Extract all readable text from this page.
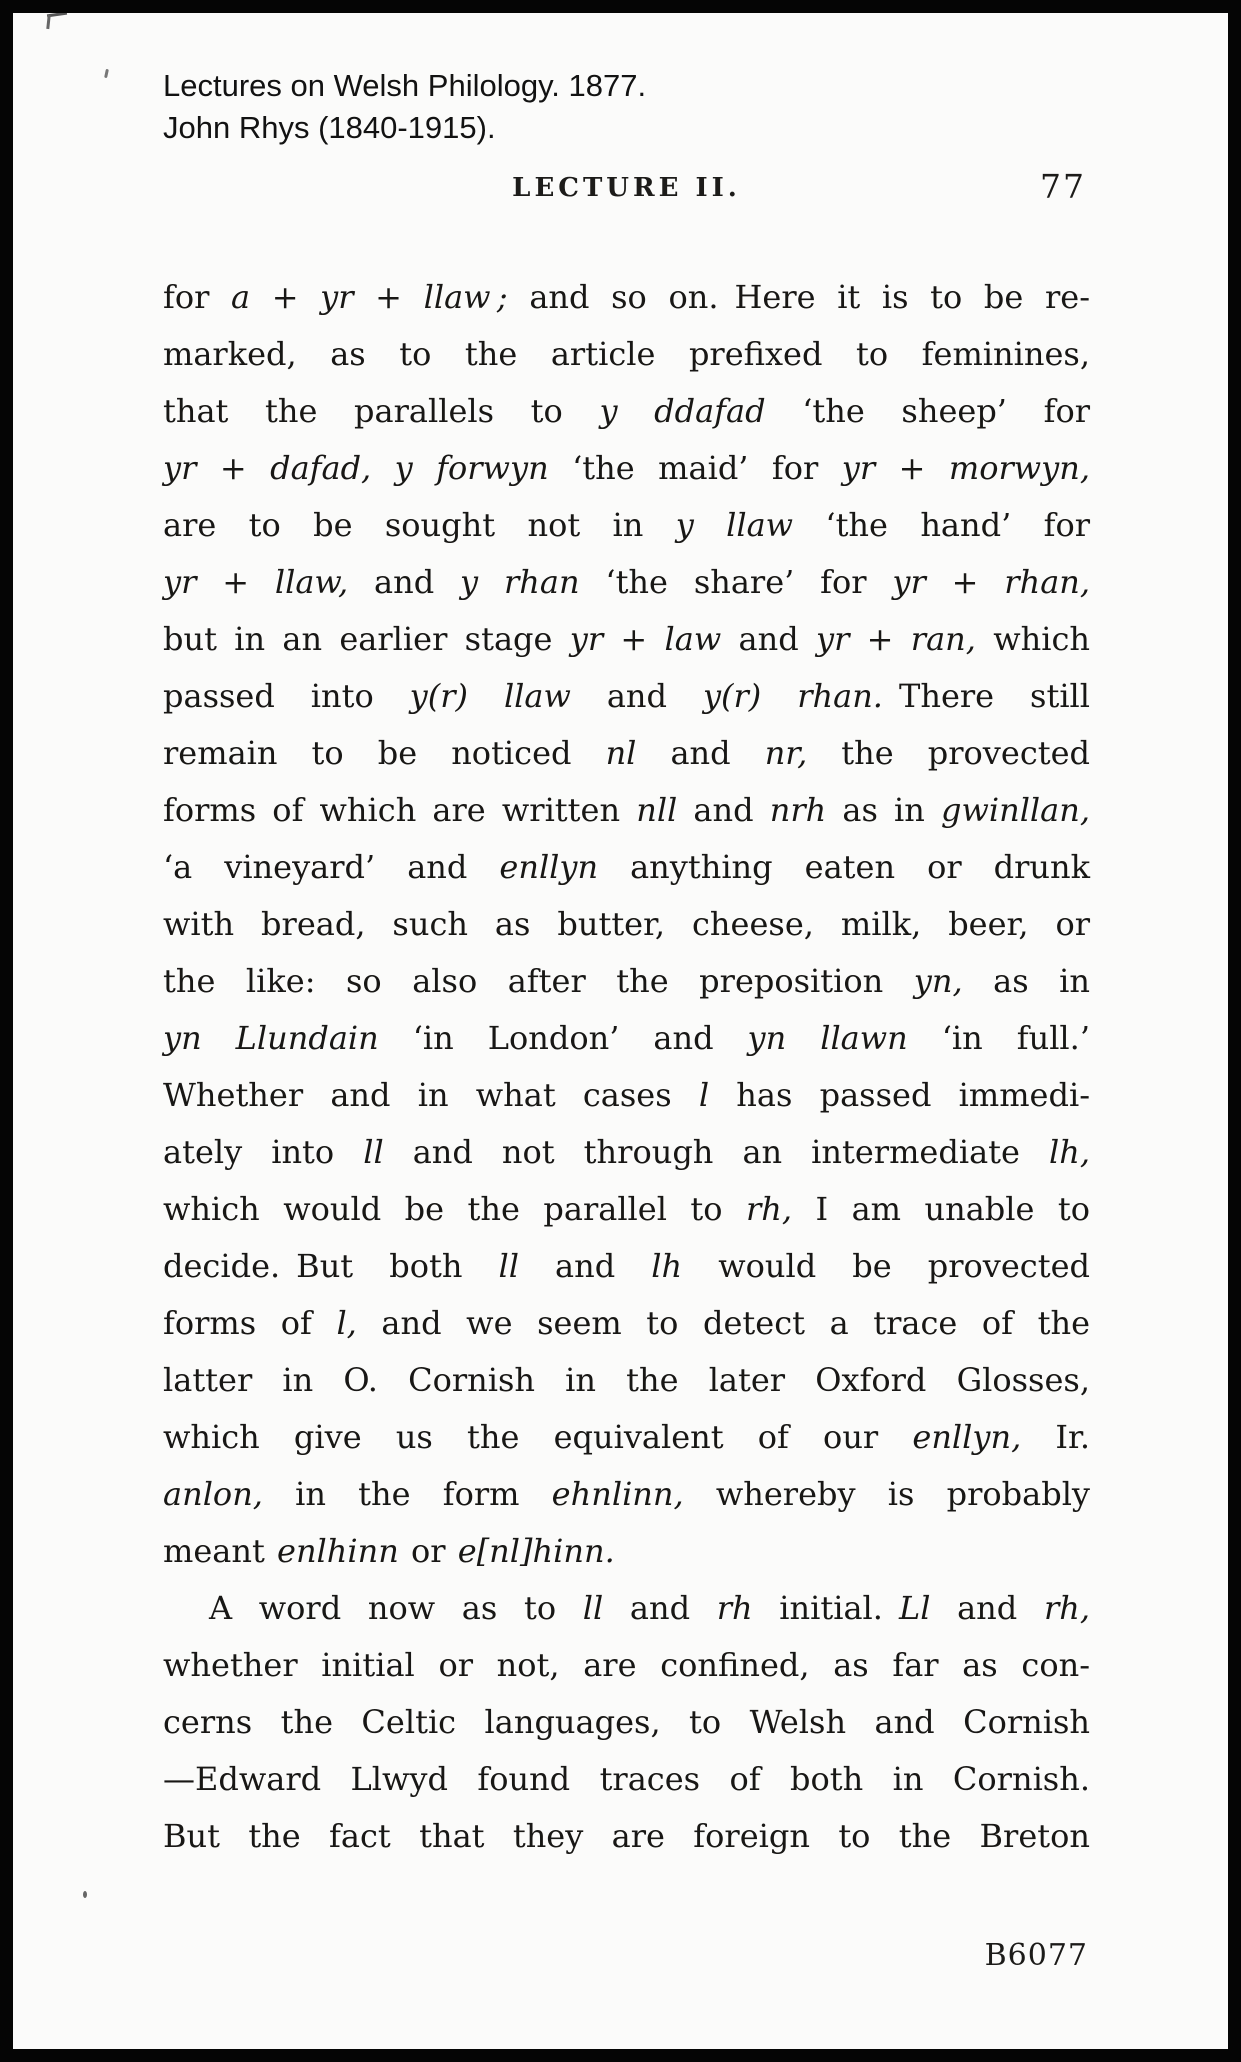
Lectures on Welsh Philology. 1877.
John Rhys (1840-1915).
LECTURE II.	77
for a + yr + llaw ; and so on. Here it is to be re-
marked, as to the article prefixed to feminines,
that the parallels to y ddafad ‘the sheep’ for
yr + dafad, y forwyn ‘the maid’ for yr + morwyn,
are to be sought not in y llaw ‘the hand’ for
yr + llaw, and y rhan ‘the share’ for yr + rhan,
but in an earlier stage yr + law and yr + ran, which
passed into y(r) llaw and y(r) rhan. There still
remain to be noticed nl and nr, the provected
forms of which are written nll and nrh as in gwinllan,
‘a vineyard’ and enllyn anything eaten or drunk
with bread, such as butter, cheese, milk, beer, or
the like: so also after the preposition yn, as in
yn Llundain ‘in London’ and yn llawn ‘in full.’
Whether and in what cases l has passed immedi-
ately into ll and not through an intermediate lh,
which would be the parallel to rh, I am unable to
decide. But both ll and lh would be provected
forms of l, and we seem to detect a trace of the
latter in O. Cornish in the later Oxford Glosses,
which give us the equivalent of our enllyn, Ir.
anlon, in the form ehnlinn, whereby is probably
meant enlhinn or e[nl]hinn.
A word now as to ll and rh initial. Ll and rh,
whether initial or not, are confined, as far as con-
cerns the Celtic languages, to Welsh and Cornish
—Edward Llwyd found traces of both in Cornish.
But the fact that they are foreign to the Breton
B6077
